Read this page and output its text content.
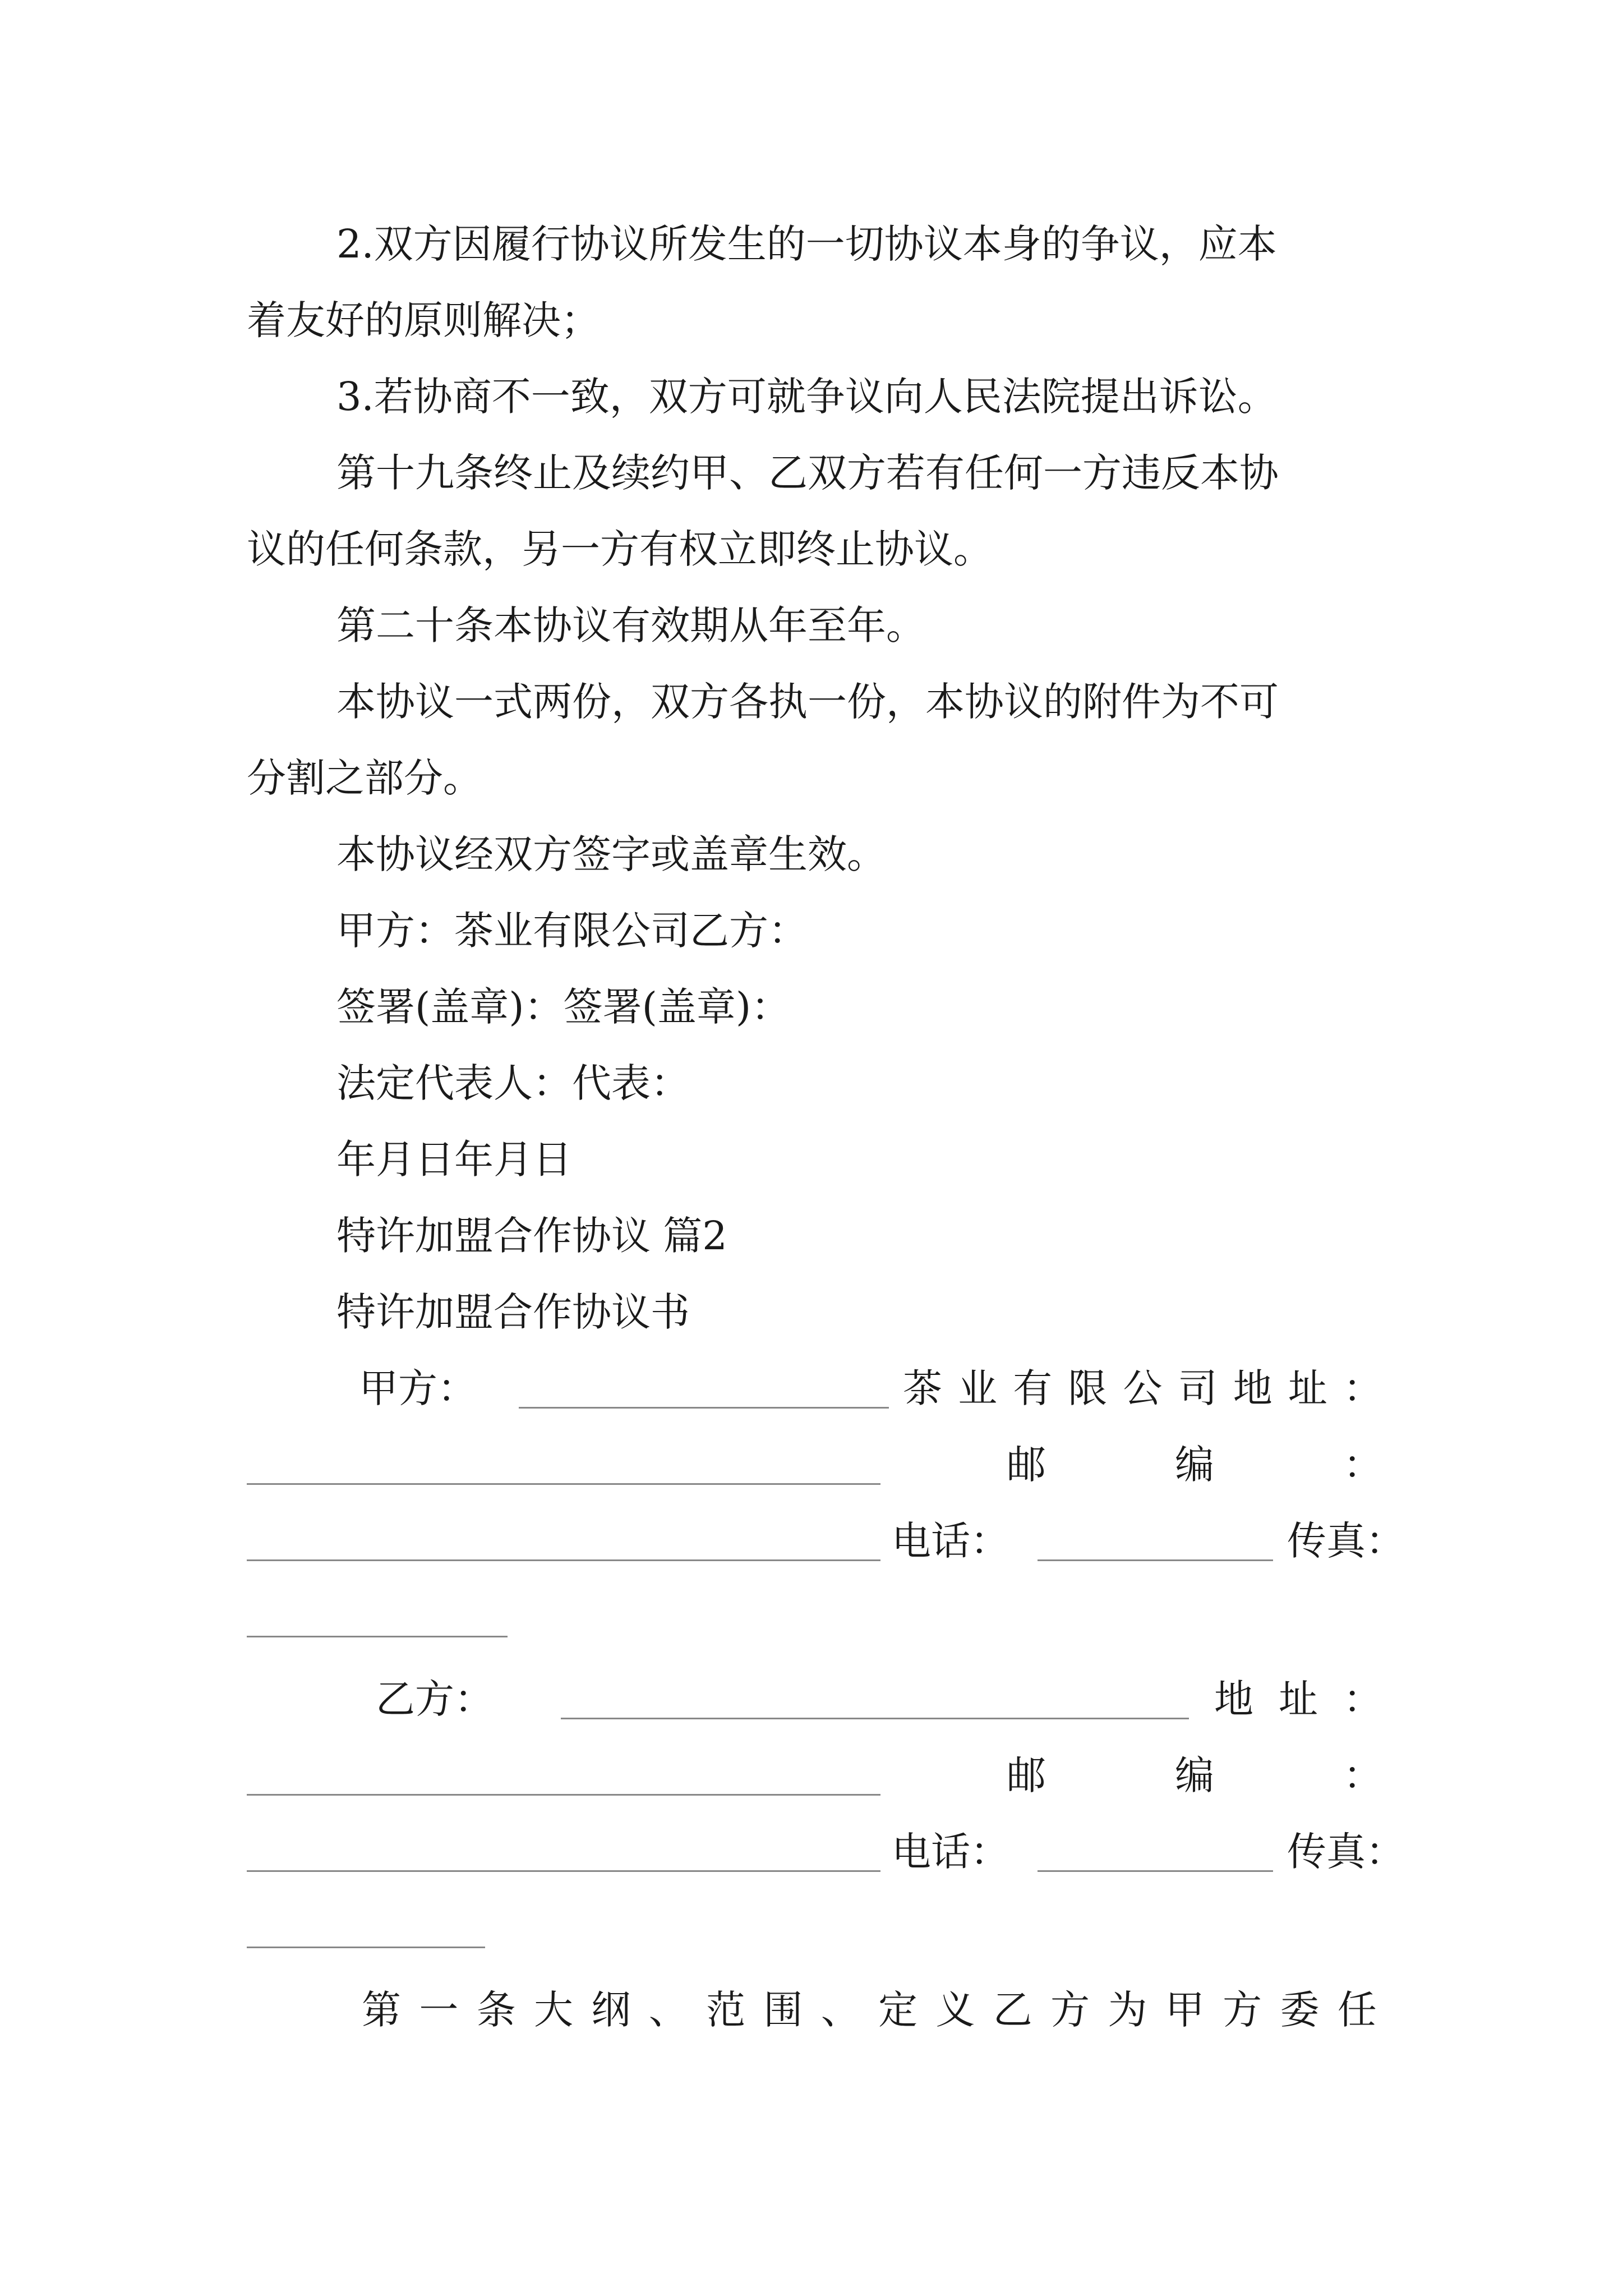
2.双方因履行协议所发生的一切协议本身的争议，应本
着友好的原则解决；
3.若协商不一致，双方可就争议向人民法院提出诉讼。
第十九条终止及续约甲、乙双方若有任何一方违反本协
议的任何条款，另一方有权立即终止协议。
第二十条本协议有效期从年至年。
本协议一式两份，双方各执一份，本协议的附件为不可
分割之部分。
本协议经双方签字或盖章生效。
甲方：茶业有限公司乙方：
签署(盖章)：签署(盖章)：
法定代表人：代表：
年月日年月日
特许加盟合作协议 篇2
特许加盟合作协议书
甲 方 ：	茶 业 有 限 公 司 地 址 ：
邮	编	：
电话：	传真：
乙 方 ：	地 址 ：
邮	编	：
电话：	传真：
第 一 条 大 纲 、 范 围 、 定 义 乙 方 为 甲 方 委 任
